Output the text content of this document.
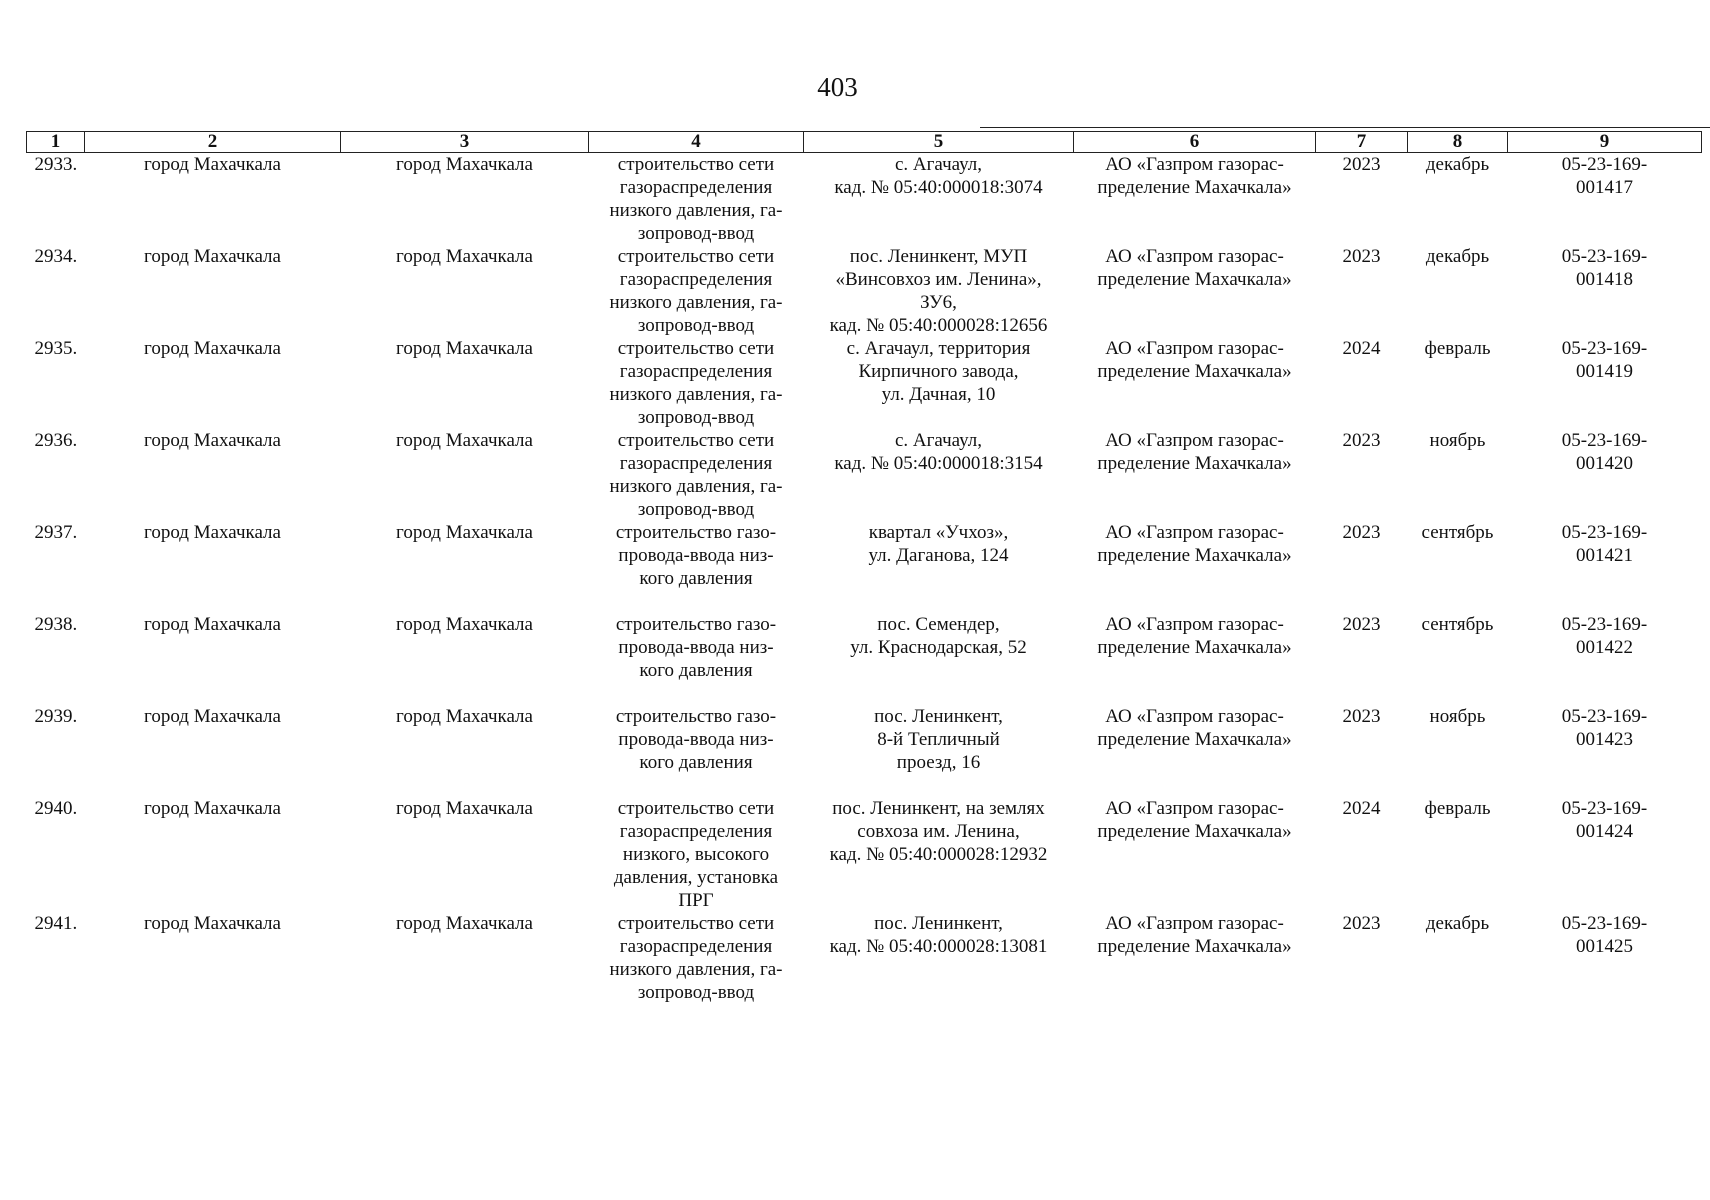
403
1	2	3	4	5	6	7	8	9
2933.	город Махачкала	город Махачкала	строительство сети
газораспределения
низкого давления, га-
зопровод-ввод	с. Агачаул,
кад. № 05:40:000018:3074	АО «Газпром газорас-
пределение Махачкала»	2023	декабрь	05-23-169-
001417
2934.	город Махачкала	город Махачкала	строительство сети
газораспределения
низкого давления, га-
зопровод-ввод	пос. Ленинкент, МУП
«Винсовхоз им. Ленина»,
ЗУ6,
кад. № 05:40:000028:12656	АО «Газпром газорас-
пределение Махачкала»	2023	декабрь	05-23-169-
001418
2935.	город Махачкала	город Махачкала	строительство сети
газораспределения
низкого давления, га-
зопровод-ввод	с. Агачаул, территория
Кирпичного завода,
ул. Дачная, 10	АО «Газпром газорас-
пределение Махачкала»	2024	февраль	05-23-169-
001419
2936.	город Махачкала	город Махачкала	строительство сети
газораспределения
низкого давления, га-
зопровод-ввод	с. Агачаул,
кад. № 05:40:000018:3154	АО «Газпром газорас-
пределение Махачкала»	2023	ноябрь	05-23-169-
001420
2937.	город Махачкала	город Махачкала	строительство газо-
провода-ввода низ-
кого давления	квартал «Учхоз»,
ул. Даганова, 124	АО «Газпром газорас-
пределение Махачкала»	2023	сентябрь	05-23-169-
001421
2938.	город Махачкала	город Махачкала	строительство газо-
провода-ввода низ-
кого давления	пос. Семендер,
ул. Краснодарская, 52	АО «Газпром газорас-
пределение Махачкала»	2023	сентябрь	05-23-169-
001422
2939.	город Махачкала	город Махачкала	строительство газо-
провода-ввода низ-
кого давления	пос. Ленинкент,
8-й Тепличный
проезд, 16	АО «Газпром газорас-
пределение Махачкала»	2023	ноябрь	05-23-169-
001423
2940.	город Махачкала	город Махачкала	строительство сети
газораспределения
низкого, высокого
давления, установка
ПРГ	пос. Ленинкент, на землях
совхоза им. Ленина,
кад. № 05:40:000028:12932	АО «Газпром газорас-
пределение Махачкала»	2024	февраль	05-23-169-
001424
2941.	город Махачкала	город Махачкала	строительство сети
газораспределения
низкого давления, га-
зопровод-ввод	пос. Ленинкент,
кад. № 05:40:000028:13081	АО «Газпром газорас-
пределение Махачкала»	2023	декабрь	05-23-169-
001425
